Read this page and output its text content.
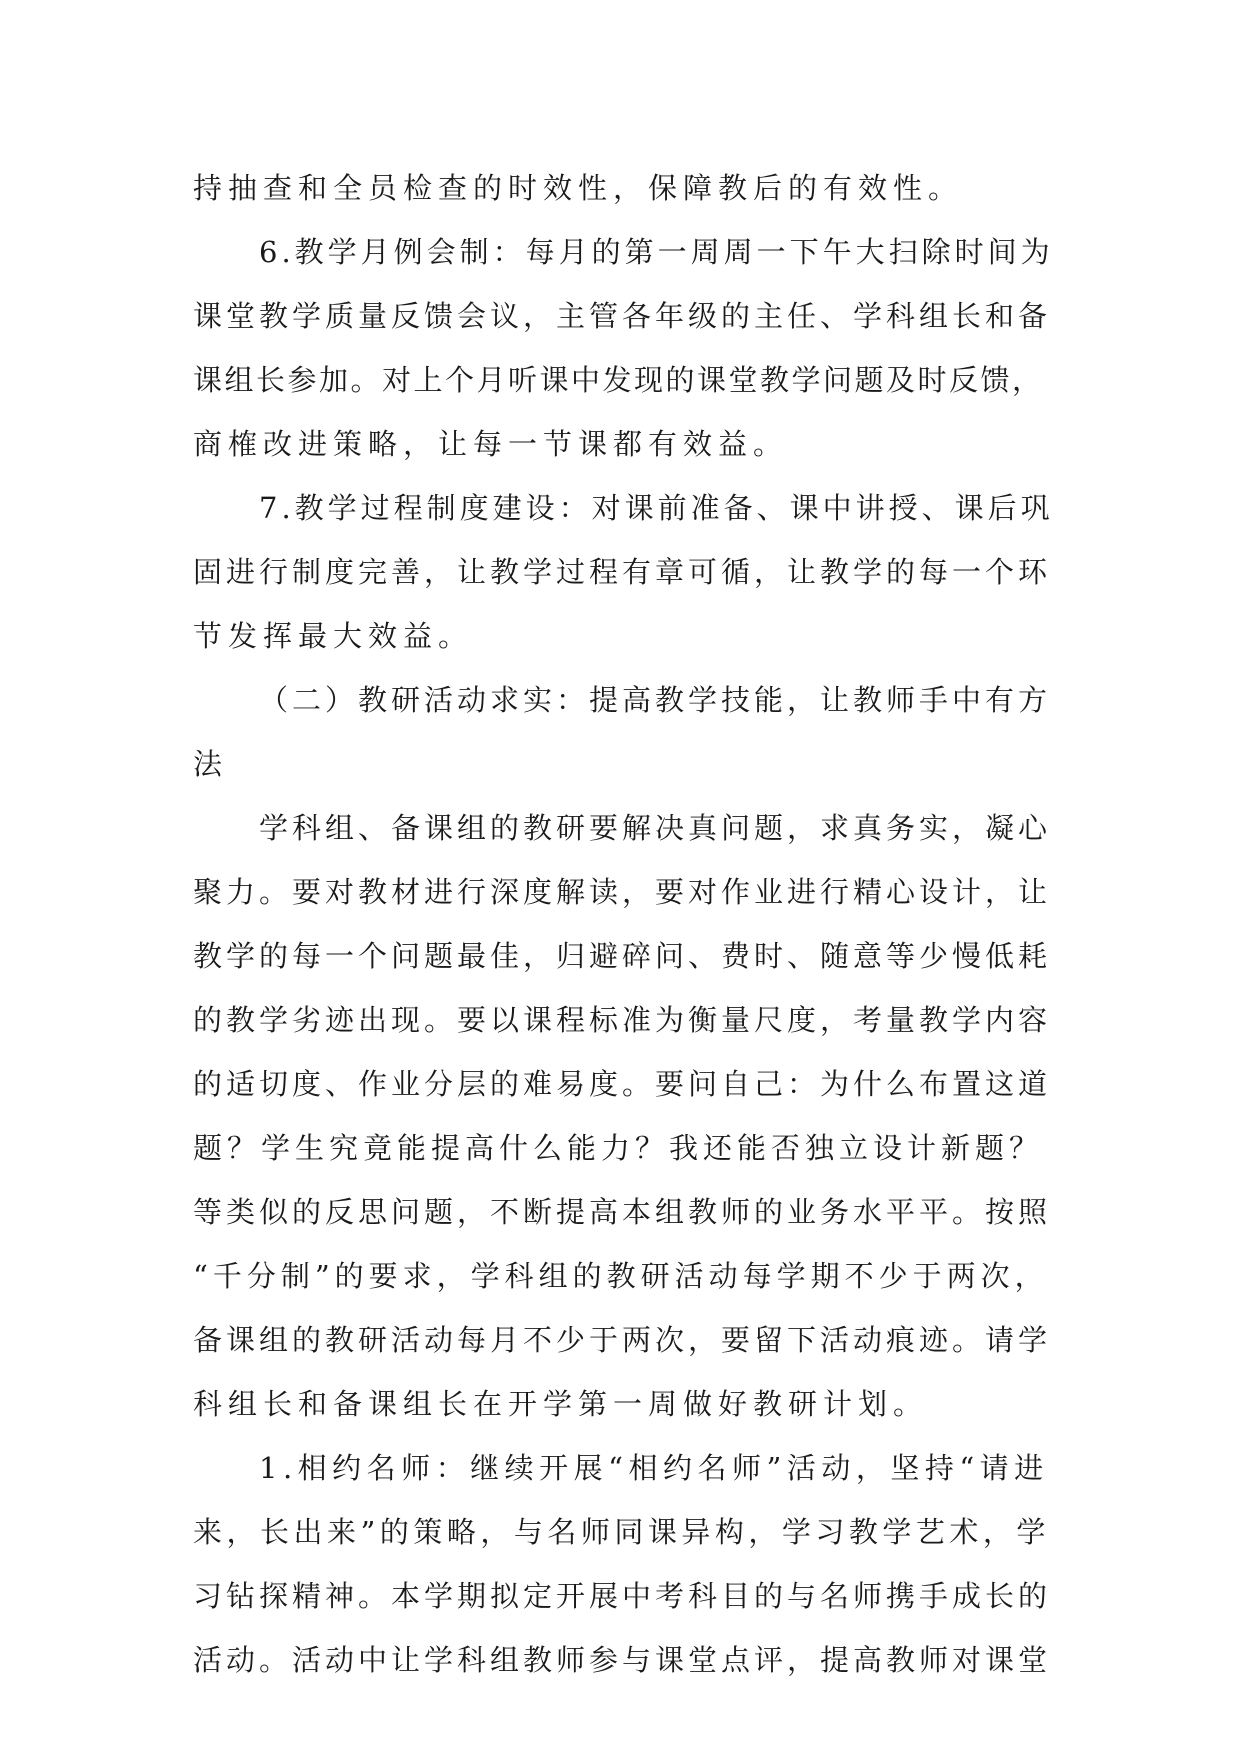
持抽查和全员检查的时效性，保障教后的有效性。
6.教学月例会制：每月的第一周周一下午大扫除时间为
课堂教学质量反馈会议，主管各年级的主任、学科组长和备
课组长参加。对上个月听课中发现的课堂教学问题及时反馈，
商榷改进策略，让每一节课都有效益。
7.教学过程制度建设：对课前准备、课中讲授、课后巩
固进行制度完善，让教学过程有章可循，让教学的每一个环
节发挥最大效益。
（二）教研活动求实：提高教学技能，让教师手中有方
法
学科组、备课组的教研要解决真问题，求真务实，凝心
聚力。要对教材进行深度解读，要对作业进行精心设计，让
教学的每一个问题最佳，归避碎问、费时、随意等少慢低耗
的教学劣迹出现。要以课程标准为衡量尺度，考量教学内容
的适切度、作业分层的难易度。要问自己：为什么布置这道
题？学生究竟能提高什么能力？我还能否独立设计新题？
等类似的反思问题，不断提高本组教师的业务水平平。按照
“千分制”的要求，学科组的教研活动每学期不少于两次，
备课组的教研活动每月不少于两次，要留下活动痕迹。请学
科组长和备课组长在开学第一周做好教研计划。
1.相约名师：继续开展“相约名师”活动，坚持“请进
来，长出来”的策略，与名师同课异构，学习教学艺术，学
习钻探精神。本学期拟定开展中考科目的与名师携手成长的
活动。活动中让学科组教师参与课堂点评，提高教师对课堂
